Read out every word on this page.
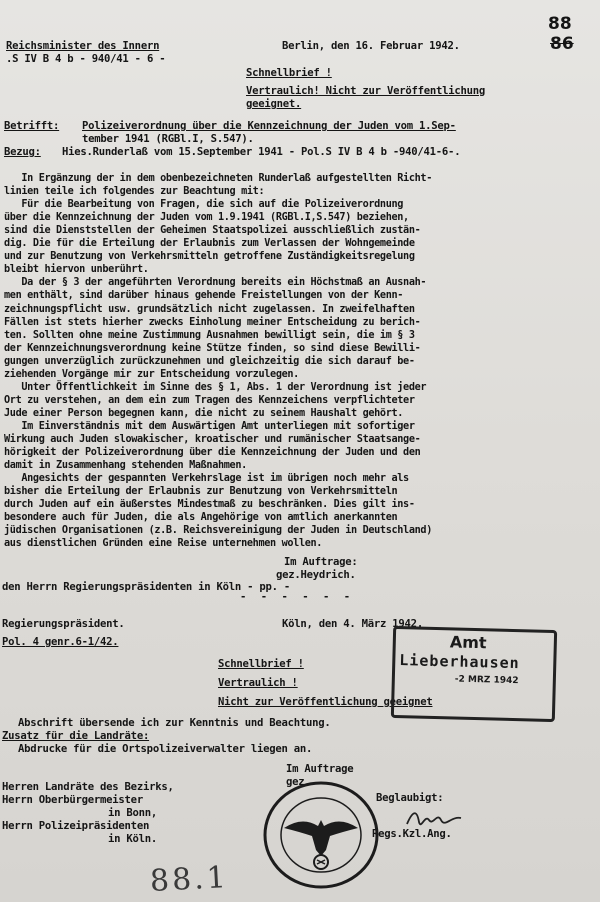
88
86
Reichsminister des Innern
.S IV B 4 b - 940/41 - 6 -
Berlin, den 16. Februar 1942.
Schnellbrief !
Vertraulich! Nicht zur Veröffentlichung
geeignet.
Betrifft: Polizeiverordnung über die Kennzeichnung der Juden vom 1.Sep-
tember 1941 (RGBl.I, S.547).
Bezug: Hies.Runderlaß vom 15.September 1941 - Pol.S IV B 4 b -940/41-6-.
In Ergänzung der in dem obenbezeichneten Runderlaß aufgestellten Richt-
linien teile ich folgendes zur Beachtung mit:
Für die Bearbeitung von Fragen, die sich auf die Polizeiverordnung
über die Kennzeichnung der Juden vom 1.9.1941 (RGBl.I,S.547) beziehen,
sind die Dienststellen der Geheimen Staatspolizei ausschließlich zustän-
dig. Die für die Erteilung der Erlaubnis zum Verlassen der Wohngemeinde
und zur Benutzung von Verkehrsmitteln getroffene Zuständigkeitsregelung
bleibt hiervon unberührt.
Da der § 3 der angeführten Verordnung bereits ein Höchstmaß an Ausnah-
men enthält, sind darüber hinaus gehende Freistellungen von der Kenn-
zeichnungspflicht usw. grundsätzlich nicht zugelassen. In zweifelhaften
Fällen ist stets hierher zwecks Einholung meiner Entscheidung zu berich-
ten. Sollten ohne meine Zustimmung Ausnahmen bewilligt sein, die im § 3
der Kennzeichnungsverordnung keine Stütze finden, so sind diese Bewilli-
gungen unverzüglich zurückzunehmen und gleichzeitig die sich darauf be-
ziehenden Vorgänge mir zur Entscheidung vorzulegen.
Unter Öffentlichkeit im Sinne des § 1, Abs. 1 der Verordnung ist jeder
Ort zu verstehen, an dem ein zum Tragen des Kennzeichens verpflichteter
Jude einer Person begegnen kann, die nicht zu seinem Haushalt gehört.
Im Einverständnis mit dem Auswärtigen Amt unterliegen mit sofortiger
Wirkung auch Juden slowakischer, kroatischer und rumänischer Staatsange-
hörigkeit der Polizeiverordnung über die Kennzeichnung der Juden und den
damit in Zusammenhang stehenden Maßnahmen.
Angesichts der gespannten Verkehrslage ist im übrigen noch mehr als
bisher die Erteilung der Erlaubnis zur Benutzung von Verkehrsmitteln
durch Juden auf ein äußerstes Mindestmaß zu beschränken. Dies gilt ins-
besondere auch für Juden, die als Angehörige von amtlich anerkannten
jüdischen Organisationen (z.B. Reichsvereinigung der Juden in Deutschland)
aus dienstlichen Gründen eine Reise unternehmen wollen.
Im Auftrage:
gez.Heydrich.
den Herrn Regierungspräsidenten in Köln - pp. -
- - - - - -
Regierungspräsident.	Köln, den 4. März 1942.
Pol. 4 genr.6-1/42.
Schnellbrief !
Vertraulich !
Nicht zur Veröffentlichung geeignet
Abschrift übersende ich zur Kenntnis und Beachtung.
Zusatz für die Landräte:
Abdrucke für die Ortspolizeiverwalter liegen an.
Im Auftrage
gez.
Beglaubigt:
Regs.Kzl.Ang.
Herren Landräte des Bezirks,
Herrn Oberbürgermeister
in Bonn,
Herrn Polizeipräsidenten
in Köln.
Amt
Lieberhausen
-2 MRZ 1942
88.1
